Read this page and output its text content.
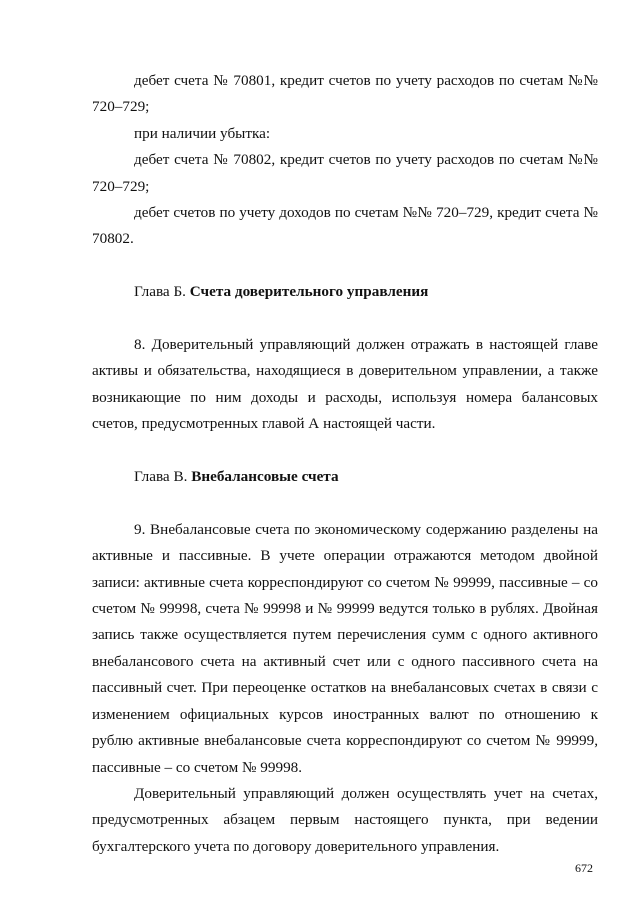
дебет счета № 70801, кредит счетов по учету расходов по счетам №№ 720–729;

при наличии убытка:

дебет счета № 70802, кредит счетов по учету расходов по счетам №№ 720–729;

дебет счетов по учету доходов по счетам №№ 720–729, кредит счета № 70802.

Глава Б. Счета доверительного управления

8. Доверительный управляющий должен отражать в настоящей главе активы и обязательства, находящиеся в доверительном управлении, а также возникающие по ним доходы и расходы, используя номера балансовых счетов, предусмотренных главой А настоящей части.

Глава В. Внебалансовые счета

9. Внебалансовые счета по экономическому содержанию разделены на активные и пассивные. В учете операции отражаются методом двойной записи: активные счета корреспондируют со счетом № 99999, пассивные – со счетом № 99998, счета № 99998 и № 99999 ведутся только в рублях. Двойная запись также осуществляется путем перечисления сумм с одного активного внебалансового счета на активный счет или с одного пассивного счета на пассивный счет. При переоценке остатков на внебалансовых счетах в связи с изменением официальных курсов иностранных валют по отношению к рублю активные внебалансовые счета корреспондируют со счетом № 99999, пассивные – со счетом № 99998.

Доверительный управляющий должен осуществлять учет на счетах, предусмотренных абзацем первым настоящего пункта, при ведении бухгалтерского учета по договору доверительного управления.

672
